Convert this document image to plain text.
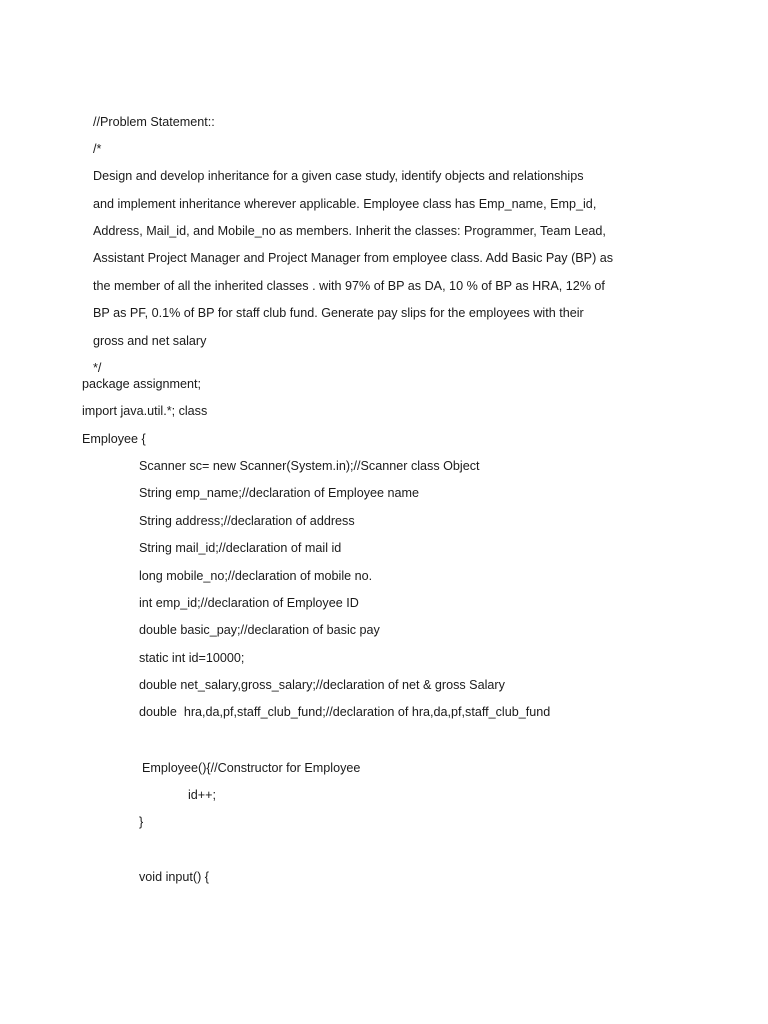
//Problem Statement::

/*

Design and develop inheritance for a given case study, identify objects and relationships

and implement inheritance wherever applicable. Employee class has Emp_name, Emp_id,

Address, Mail_id, and Mobile_no as members. Inherit the classes: Programmer, Team Lead,

Assistant Project Manager and Project Manager from employee class. Add Basic Pay (BP) as

the member of all the inherited classes . with 97% of BP as DA, 10 % of BP as HRA, 12% of

BP as PF, 0.1% of BP for staff club fund. Generate pay slips for the employees with their

gross and net salary

*/

package assignment;

import java.util.*; class

Employee {

Scanner sc= new Scanner(System.in);//Scanner class Object

String emp_name;//declaration of Employee name

String address;//declaration of address

String mail_id;//declaration of mail id

long mobile_no;//declaration of mobile no.

int emp_id;//declaration of Employee ID

double basic_pay;//declaration of basic pay

static int id=10000;

double net_salary,gross_salary;//declaration of net & gross Salary

double  hra,da,pf,staff_club_fund;//declaration of hra,da,pf,staff_club_fund

Employee(){//Constructor for Employee

id++;

}

void input() {
